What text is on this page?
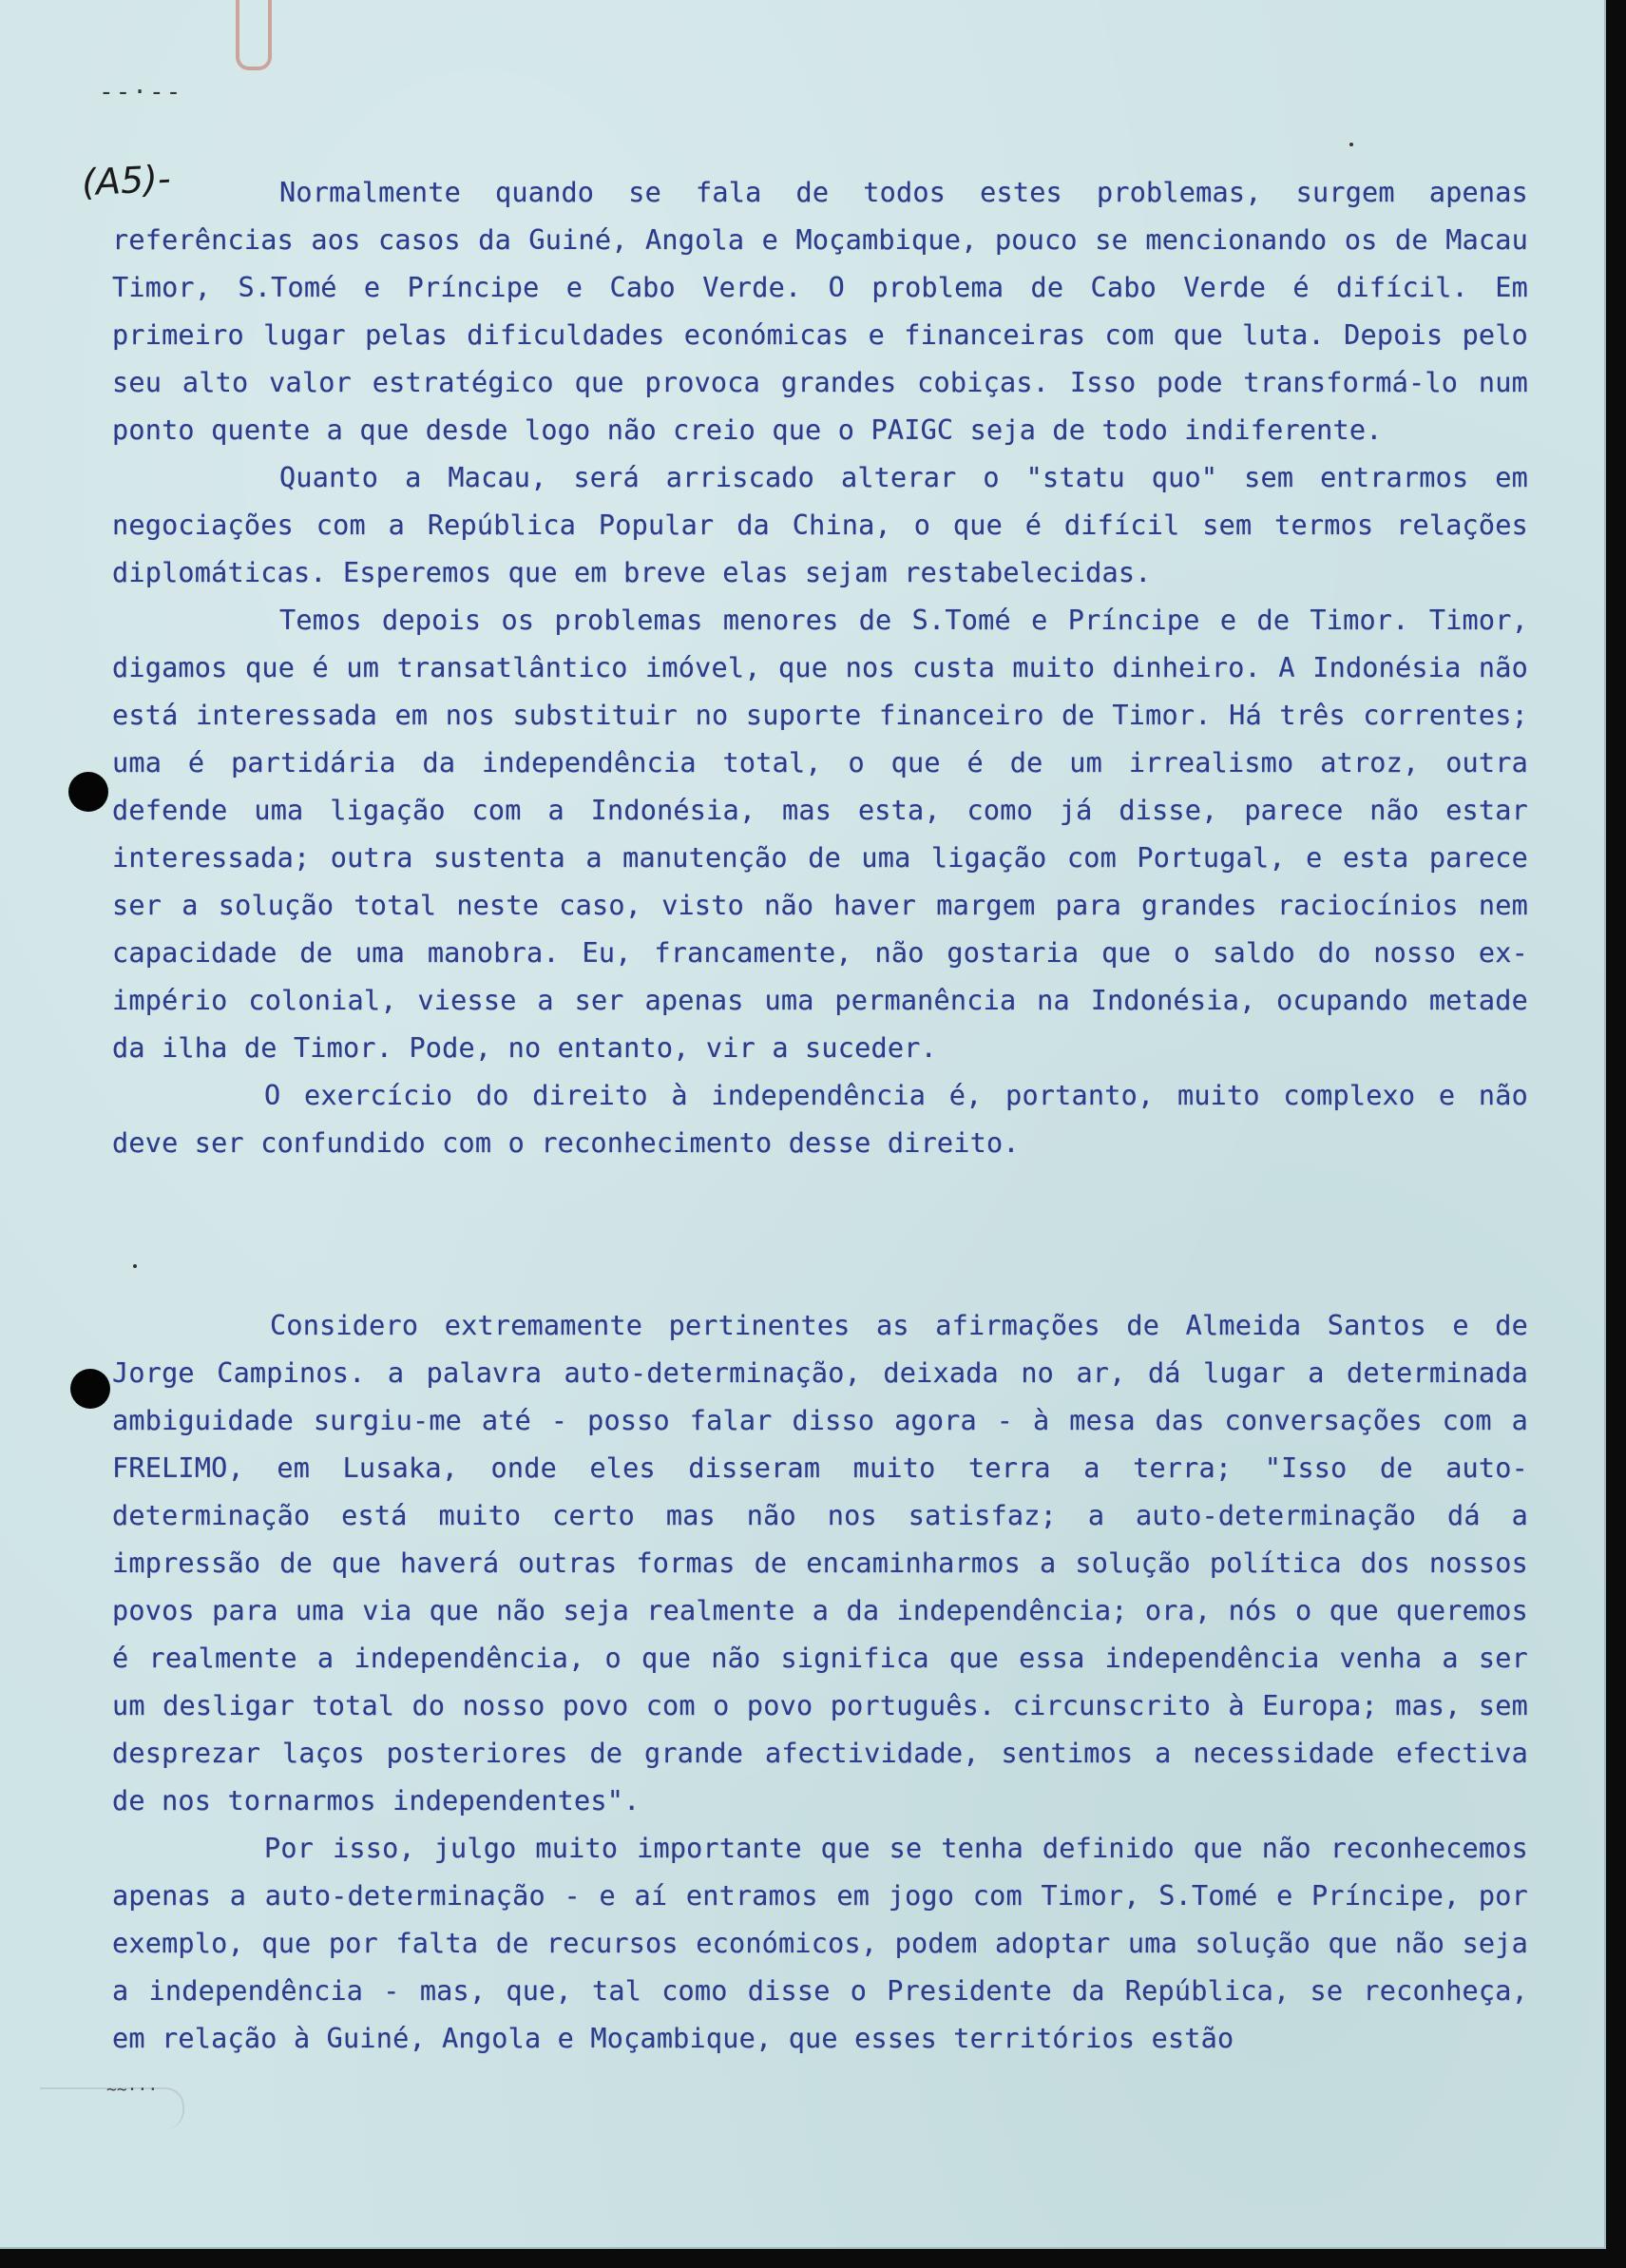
--·--
(A5)-	Normalmente quando se fala de todos estes problemas, surgem apenas referências aos casos da Guiné, Angola e Moçambique, pouco se mencionando os de Macau Timor, S.Tomé e Príncipe e Cabo Verde. O problema de Cabo Verde é difícil. Em primeiro lugar pelas dificuldades económicas e financeiras com que luta. Depois pelo seu alto valor estratégico que provoca grandes cobiças. Isso pode transformá-lo num ponto quente a que desde logo não creio que o PAIGC seja de todo indiferente.

Quanto a Macau, será arriscado alterar o "statu quo" sem entrarmos em negociações com a República Popular da China, o que é difícil sem termos relações diplomáticas. Esperemos que em breve elas sejam restabelecidas.

Temos depois os problemas menores de S.Tomé e Príncipe e de Timor. Timor, digamos que é um transatlântico imóvel, que nos custa muito dinheiro. A Indonésia não está interessada em nos substituir no suporte financeiro de Timor. Há três correntes; uma é partidária da independência total, o que é de um irrealismo atroz, outra defende uma ligação com a Indonésia, mas esta, como já disse, parece não estar interessada; outra sustenta a manutenção de uma ligação com Portugal, e esta parece ser a solução total neste caso, visto não haver margem para grandes raciocínios nem capacidade de uma manobra. Eu, francamente, não gostaria que o saldo do nosso ex-império colonial, viesse a ser apenas uma permanência na Indonésia, ocupando metade da ilha de Timor. Pode, no entanto, vir a suceder.

O exercício do direito à independência é, portanto, muito complexo e não deve ser confundido com o reconhecimento desse direito.

Considero extremamente pertinentes as afirmações de Almeida Santos e de Jorge Campinos. a palavra auto-determinação, deixada no ar, dá lugar a determinada ambiguidade surgiu-me até - posso falar disso agora - à mesa das conversações com a FRELIMO, em Lusaka, onde eles disseram muito terra a terra; "Isso de auto-determinação está muito certo mas não nos satisfaz; a auto-determinação dá a impressão de que haverá outras formas de encaminharmos a solução política dos nossos povos para uma via que não seja realmente a da independência; ora, nós o que queremos é realmente a independência, o que não significa que essa independência venha a ser um desligar total do nosso povo com o povo português. circunscrito à Europa; mas, sem desprezar laços posteriores de grande afectividade, sentimos a necessidade efectiva de nos tornarmos independentes".

Por isso, julgo muito importante que se tenha definido que não reconhecemos apenas a auto-determinação - e aí entramos em jogo com Timor, S.Tomé e Príncipe, por exemplo, que por falta de recursos económicos, podem adoptar uma solução que não seja a independência - mas, que, tal como disse o Presidente da República, se reconheça, em relação à Guiné, Angola e Moçambique, que esses territórios estão

~~···
